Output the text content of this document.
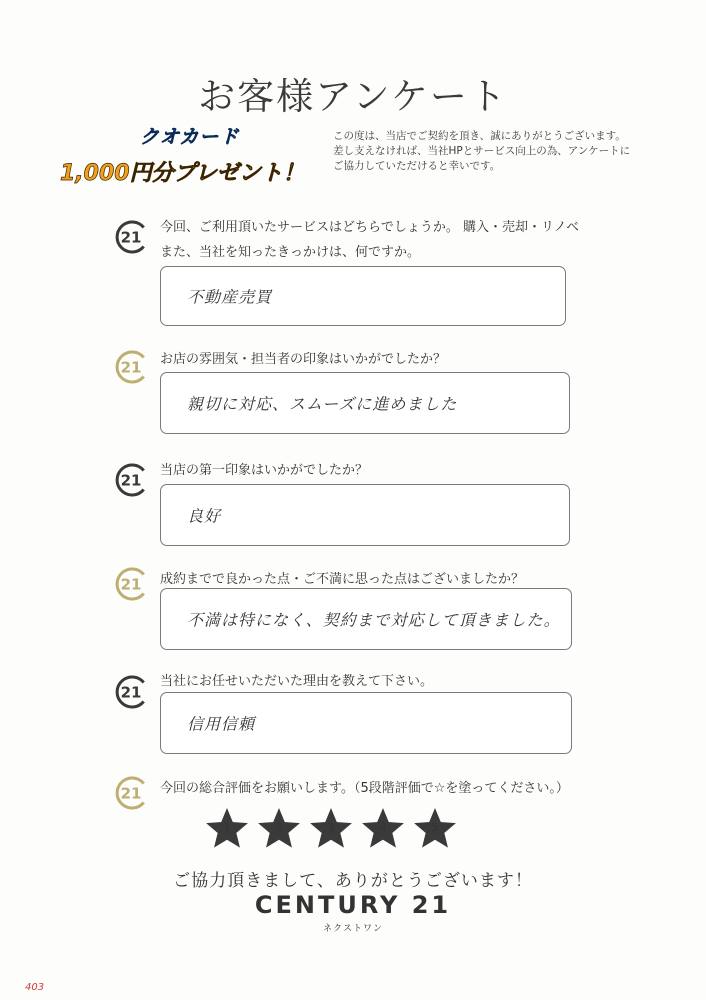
お客様アンケート
クオカード
1,000円分プレゼント！
この度は、当店でご契約を頂き、誠にありがとうございます。
差し支えなければ、当社HPとサービス向上の為、アンケートに
ご協力していただけると幸いです。
21
今回、ご利用頂いたサービスはどちらでしょうか。 購入・売却・リノベ
また、当社を知ったきっかけは、何ですか。
不動産売買
21 お店の雰囲気・担当者の印象はいかがでしたか？
親切に対応、スムーズに進めました
21
当店の第一印象はいかがでしたか？
良好
21 成約までで良かった点・ご不満に思った点はございましたか？
不満は特になく、契約まで対応して頂きました。
21
当社にお任せいただいた理由を教えて下さい。
信用信頼
21 今回の総合評価をお願いします。（5段階評価で☆を塗ってください。）
1	2	3	4	5
ご協力頂きまして、ありがとうございます！
CENTURY 21
ネクストワン
403
